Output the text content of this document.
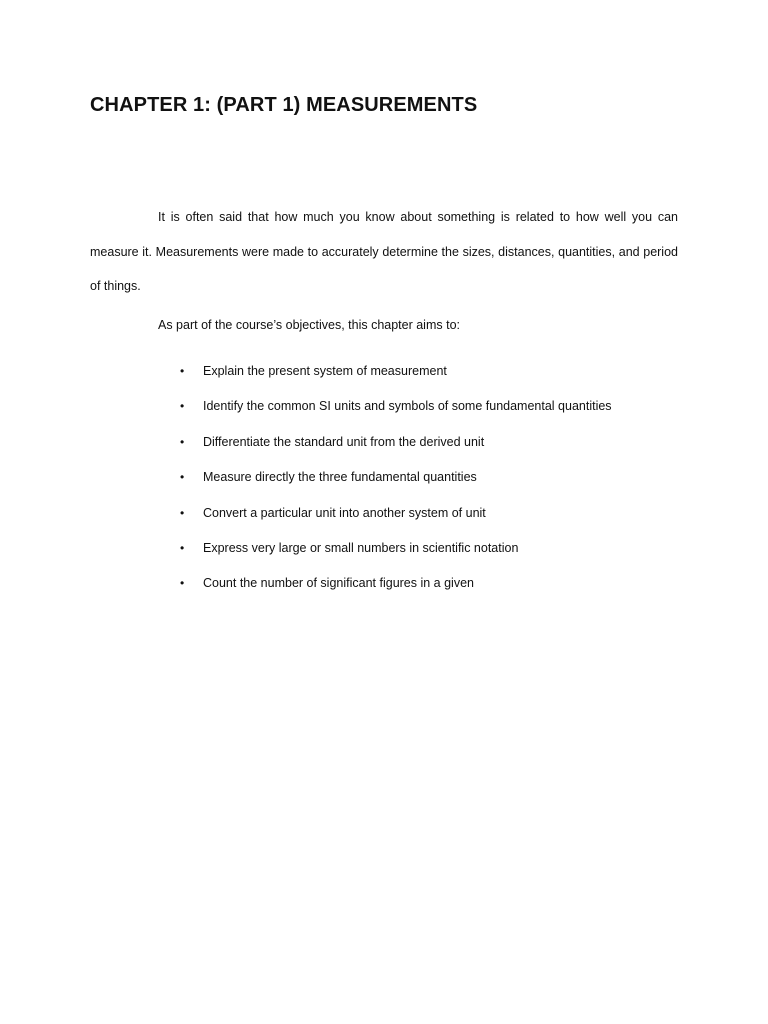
CHAPTER 1: (PART 1) MEASUREMENTS

It is often said that how much you know about something is related to how well you can measure it. Measurements were made to accurately determine the sizes, distances, quantities, and period of things.

As part of the course’s objectives, this chapter aims to:

• Explain the present system of measurement
• Identify the common SI units and symbols of some fundamental quantities
• Differentiate the standard unit from the derived unit
• Measure directly the three fundamental quantities
• Convert a particular unit into another system of unit
• Express very large or small numbers in scientific notation
• Count the number of significant figures in a given
